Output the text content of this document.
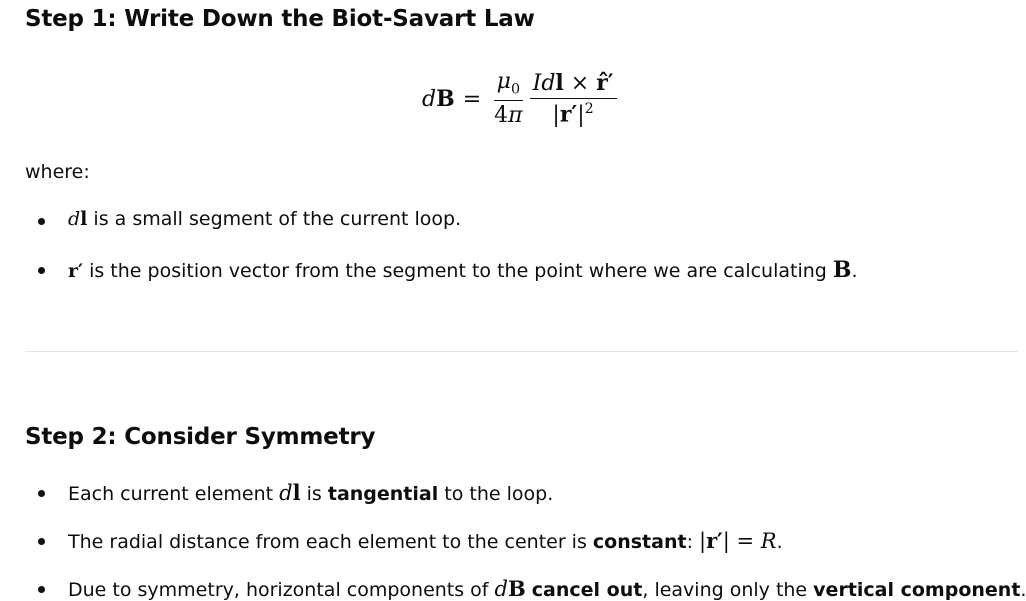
Step 1: Write Down the Biot-Savart Law
dB = $\frac{\mu_0}{4\pi} \frac{\text{Idl × r̂′}}{|r'|^2}$

where:

dl is a small segment of the current loop.
r′ is the position vector from the segment to the point where we are calculating B.
Step 2: Consider Symmetry
Each current element dl is tangential to the loop.
The radial distance from each element to the center is constant: |r′| = R.
Due to symmetry, horizontal components of dB cancel out, leaving only the vertical component.
